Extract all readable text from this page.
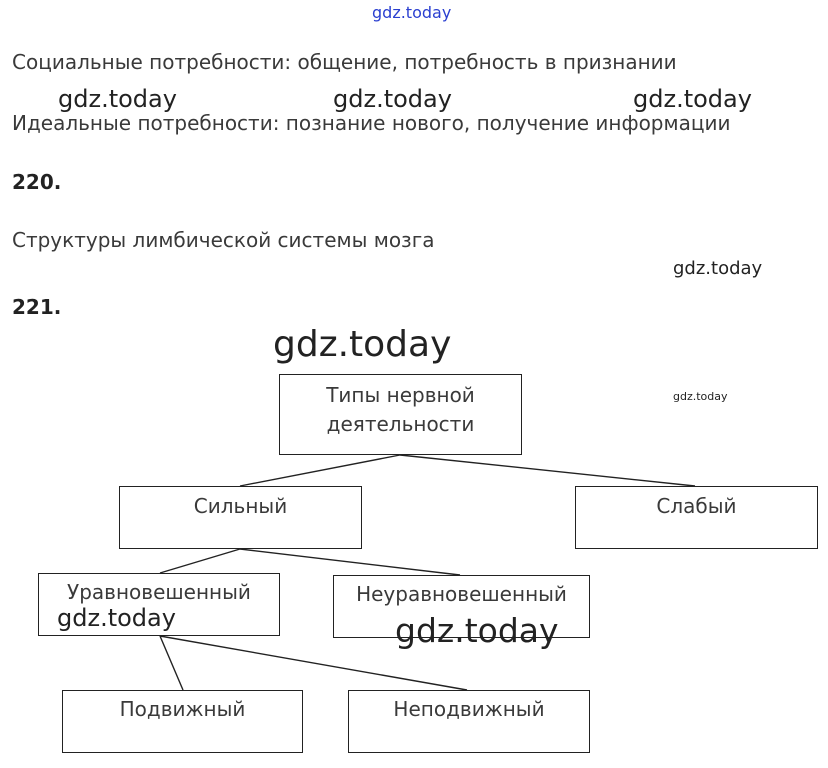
gdz.today
gdz.today	gdz.today	gdz.today
gdz.today
gdz.today
gdz.today
Социальные потребности: общение, потребность в признании
Идеальные потребности: познание нового, получение информации
220.
Структуры лимбической системы мозга
221.
Типы нервной деятельности
Сильный	Слабый
Уравновешенный	Неуравновешенный
Подвижный	Неподвижный
gdz.today	gdz.today
